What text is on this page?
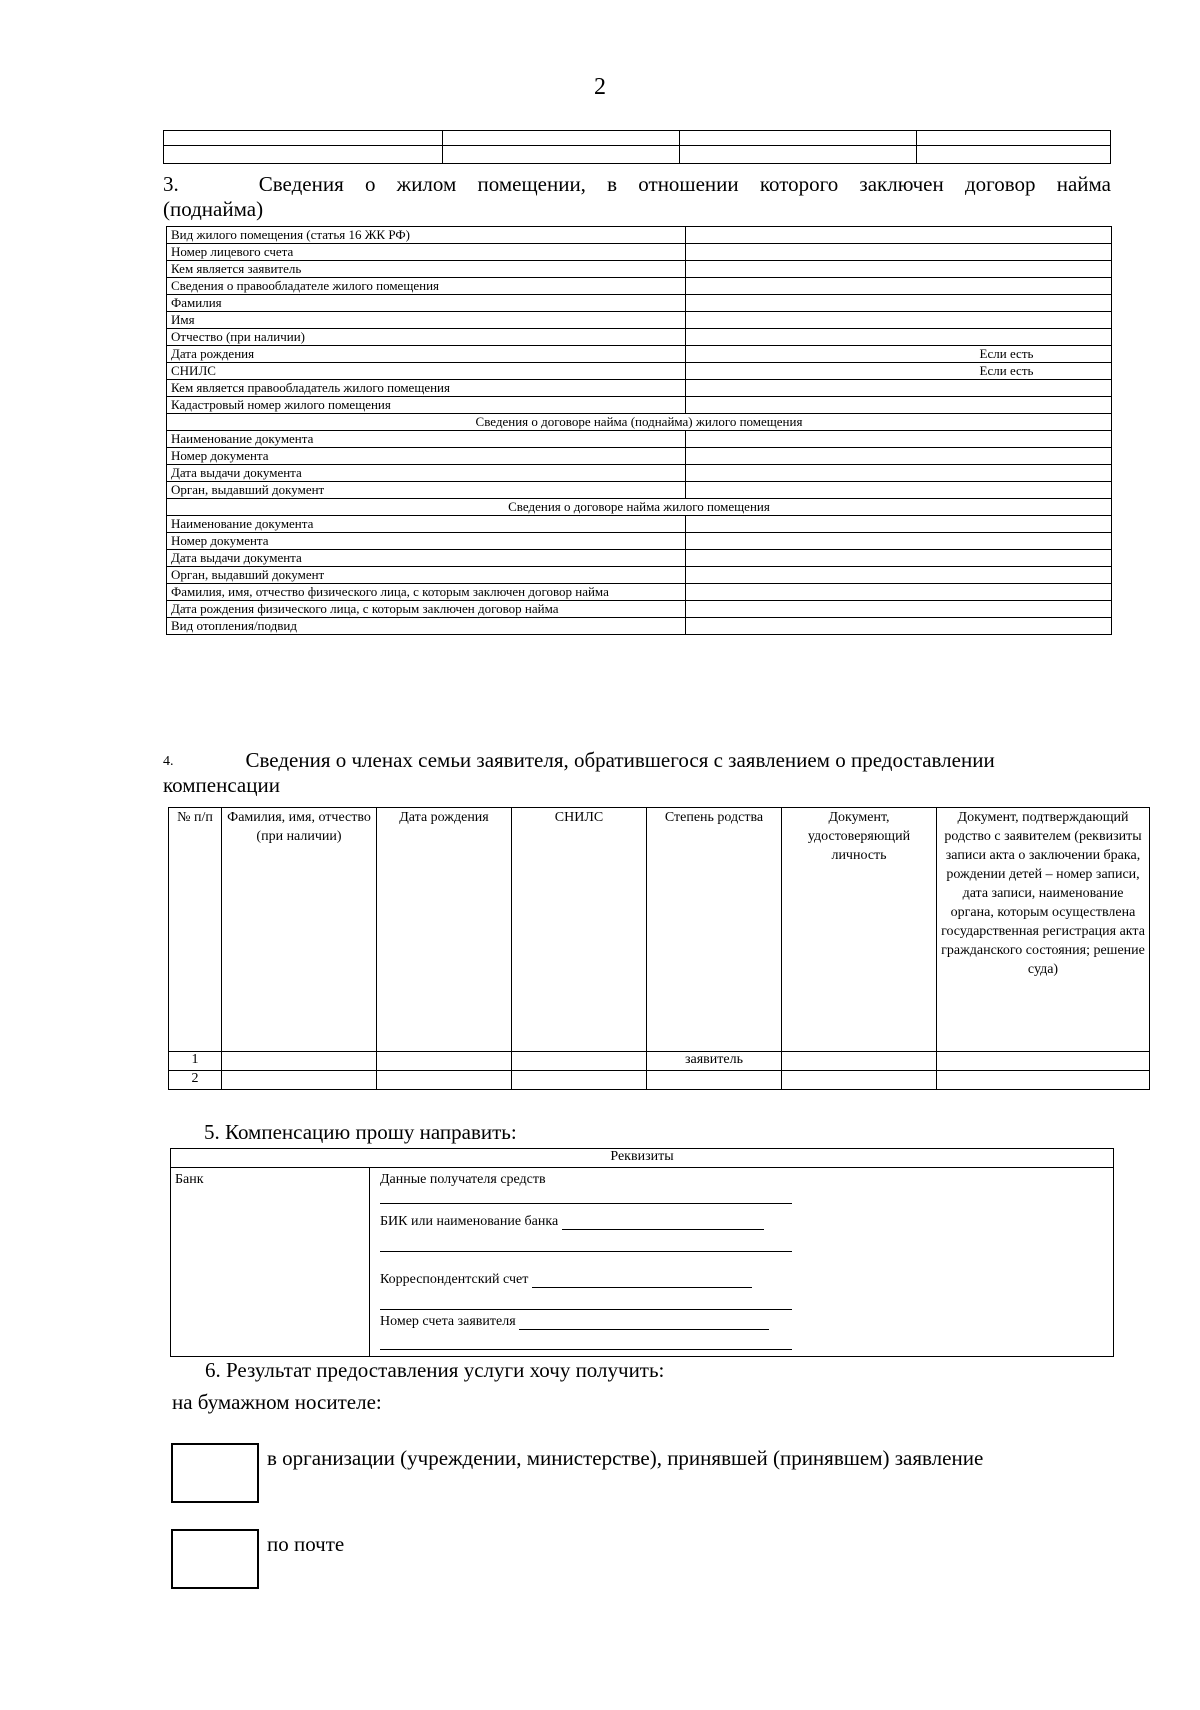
2

3.	Сведения о жилом помещении, в отношении которого заключен договор найма
(поднайма)
Вид жилого помещения (статья 16 ЖК РФ)	
Номер лицевого счета	
Кем является заявитель	
Сведения о правообладателе жилого помещения	
Фамилия	
Имя	
Отчество (при наличии)	
Дата рождения	Если есть
СНИЛС	Если есть
Кем является правообладатель жилого помещения	
Кадастровый номер жилого помещения	
Сведения о договоре найма (поднайма) жилого помещения	
Наименование документа	
Номер документа	
Дата выдачи документа	
Орган, выдавший документ	
Сведения о договоре найма жилого помещения	
Наименование документа	
Номер документа	
Дата выдачи документа	
Орган, выдавший документ	
Фамилия, имя, отчество физического лица, с которым заключен договор найма	
Дата рождения физического лица, с которым заключен договор найма	
Вид отопления/подвид	
4.	Сведения о членах семьи заявителя, обратившегося с заявлением о предоставлении
компенсации
№ п/п	Фамилия, имя, отчество (при наличии)	Дата рождения	СНИЛС	Степень родства	Документ, удостоверяющий личность	Документ, подтверждающий родство с заявителем (реквизиты записи акта о заключении брака, рождении детей – номер записи, дата записи, наименование органа, которым осуществлена государственная регистрация акта гражданского состояния; решение суда)
1				заявитель		
2						
5. Компенсацию прошу направить:
Реквизиты
Банк	Данные получателя средств
БИК или наименование банка
Корреспондентский счет
Номер счета заявителя
6. Результат предоставления услуги хочу получить:
на бумажном носителе:
в организации (учреждении, министерстве), принявшей (принявшем) заявление
по почте
